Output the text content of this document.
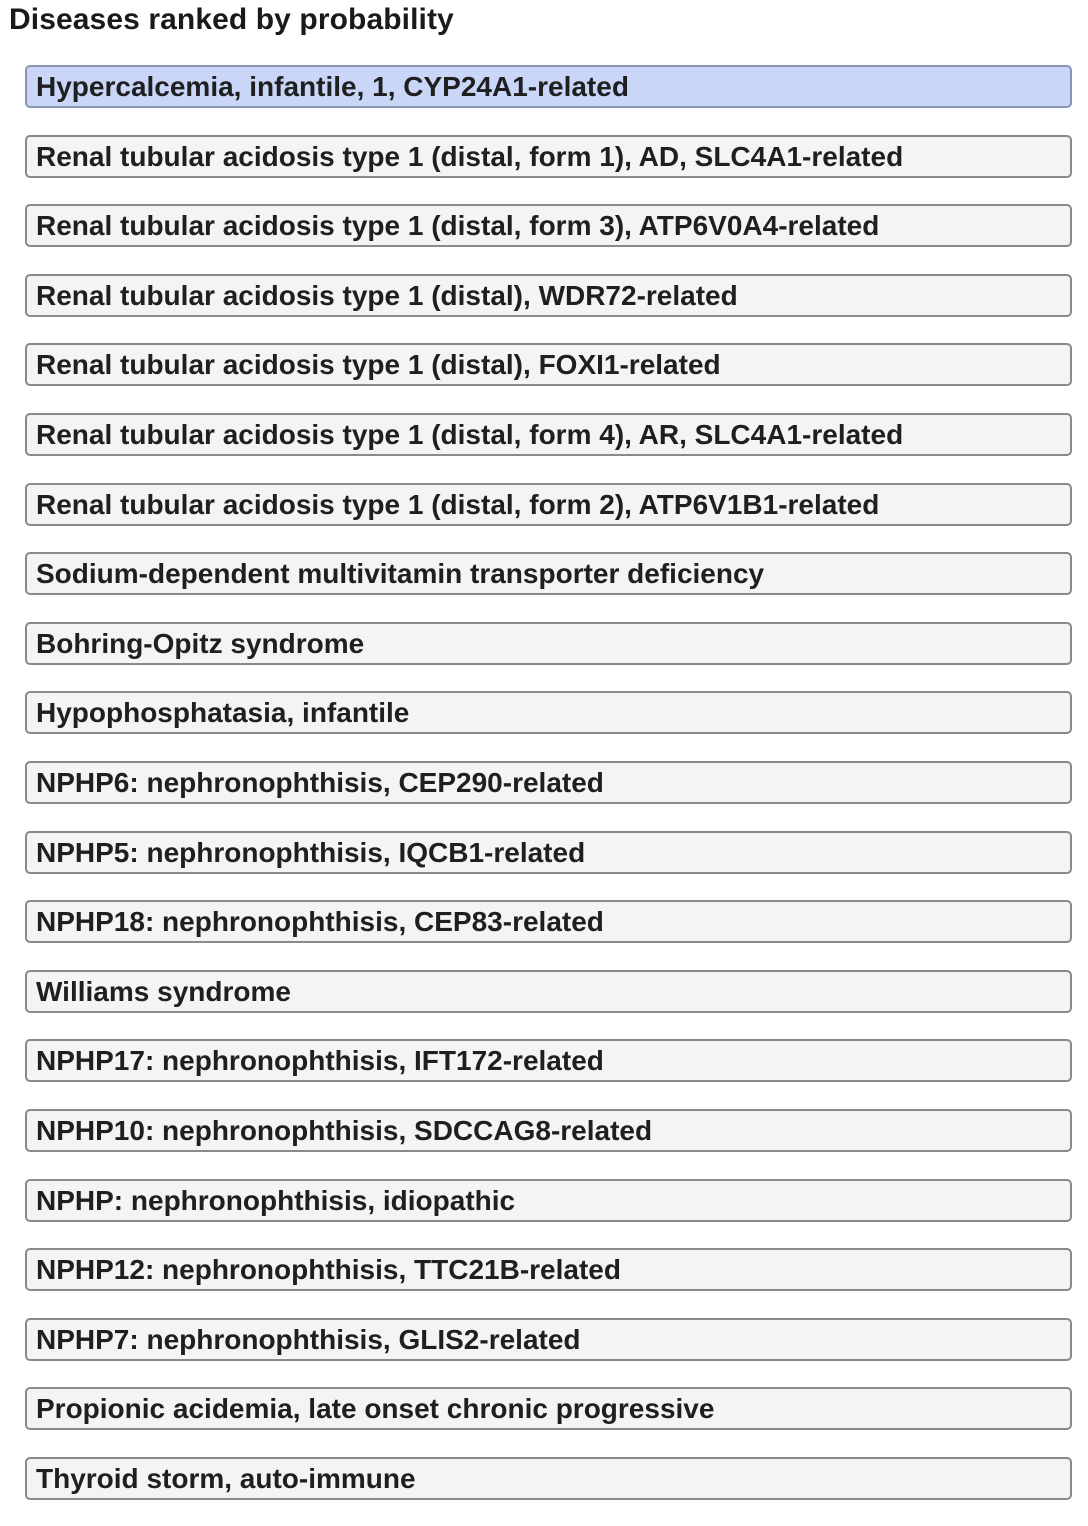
Diseases ranked by probability
Hypercalcemia, infantile, 1, CYP24A1-related
Renal tubular acidosis type 1 (distal, form 1), AD, SLC4A1-related
Renal tubular acidosis type 1 (distal, form 3), ATP6V0A4-related
Renal tubular acidosis type 1 (distal), WDR72-related
Renal tubular acidosis type 1 (distal), FOXI1-related
Renal tubular acidosis type 1 (distal, form 4), AR, SLC4A1-related
Renal tubular acidosis type 1 (distal, form 2), ATP6V1B1-related
Sodium-dependent multivitamin transporter deficiency
Bohring-Opitz syndrome
Hypophosphatasia, infantile
NPHP6: nephronophthisis, CEP290-related
NPHP5: nephronophthisis, IQCB1-related
NPHP18: nephronophthisis, CEP83-related
Williams syndrome
NPHP17: nephronophthisis, IFT172-related
NPHP10: nephronophthisis, SDCCAG8-related
NPHP: nephronophthisis, idiopathic
NPHP12: nephronophthisis, TTC21B-related
NPHP7: nephronophthisis, GLIS2-related
Propionic acidemia, late onset chronic progressive
Thyroid storm, auto-immune
